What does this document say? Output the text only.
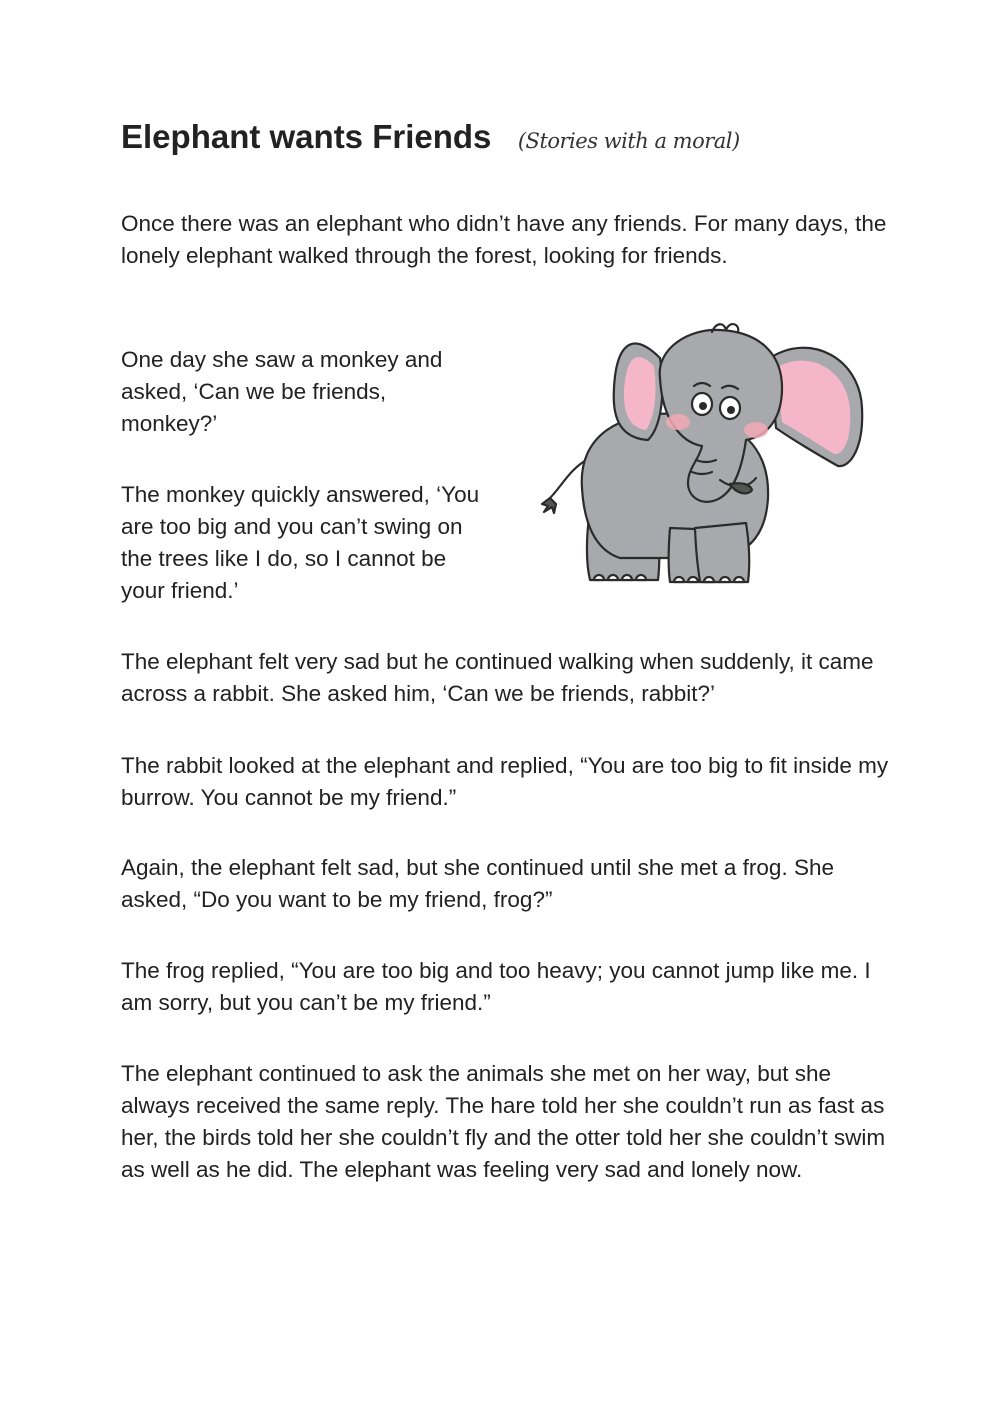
Elephant wants Friends (Stories with a moral)

Once there was an elephant who didn’t have any friends. For many days, the lonely elephant walked through the forest, looking for friends.

One day she saw a monkey and asked, ‘Can we be friends, monkey?’

The monkey quickly answered, ‘You are too big and you can’t swing on the trees like I do, so I cannot be your friend.’

The elephant felt very sad but he continued walking when suddenly, it came across a rabbit. She asked him, ‘Can we be friends, rabbit?’

The rabbit looked at the elephant and replied, “You are too big to fit inside my burrow. You cannot be my friend.”

Again, the elephant felt sad, but she continued until she met a frog. She asked, “Do you want to be my friend, frog?”

The frog replied, “You are too big and too heavy; you cannot jump like me. I am sorry, but you can’t be my friend.”

The elephant continued to ask the animals she met on her way, but she always received the same reply. The hare told her she couldn’t run as fast as her, the birds told her she couldn’t fly and the otter told her she couldn’t swim as well as he did. The elephant was feeling very sad and lonely now.
